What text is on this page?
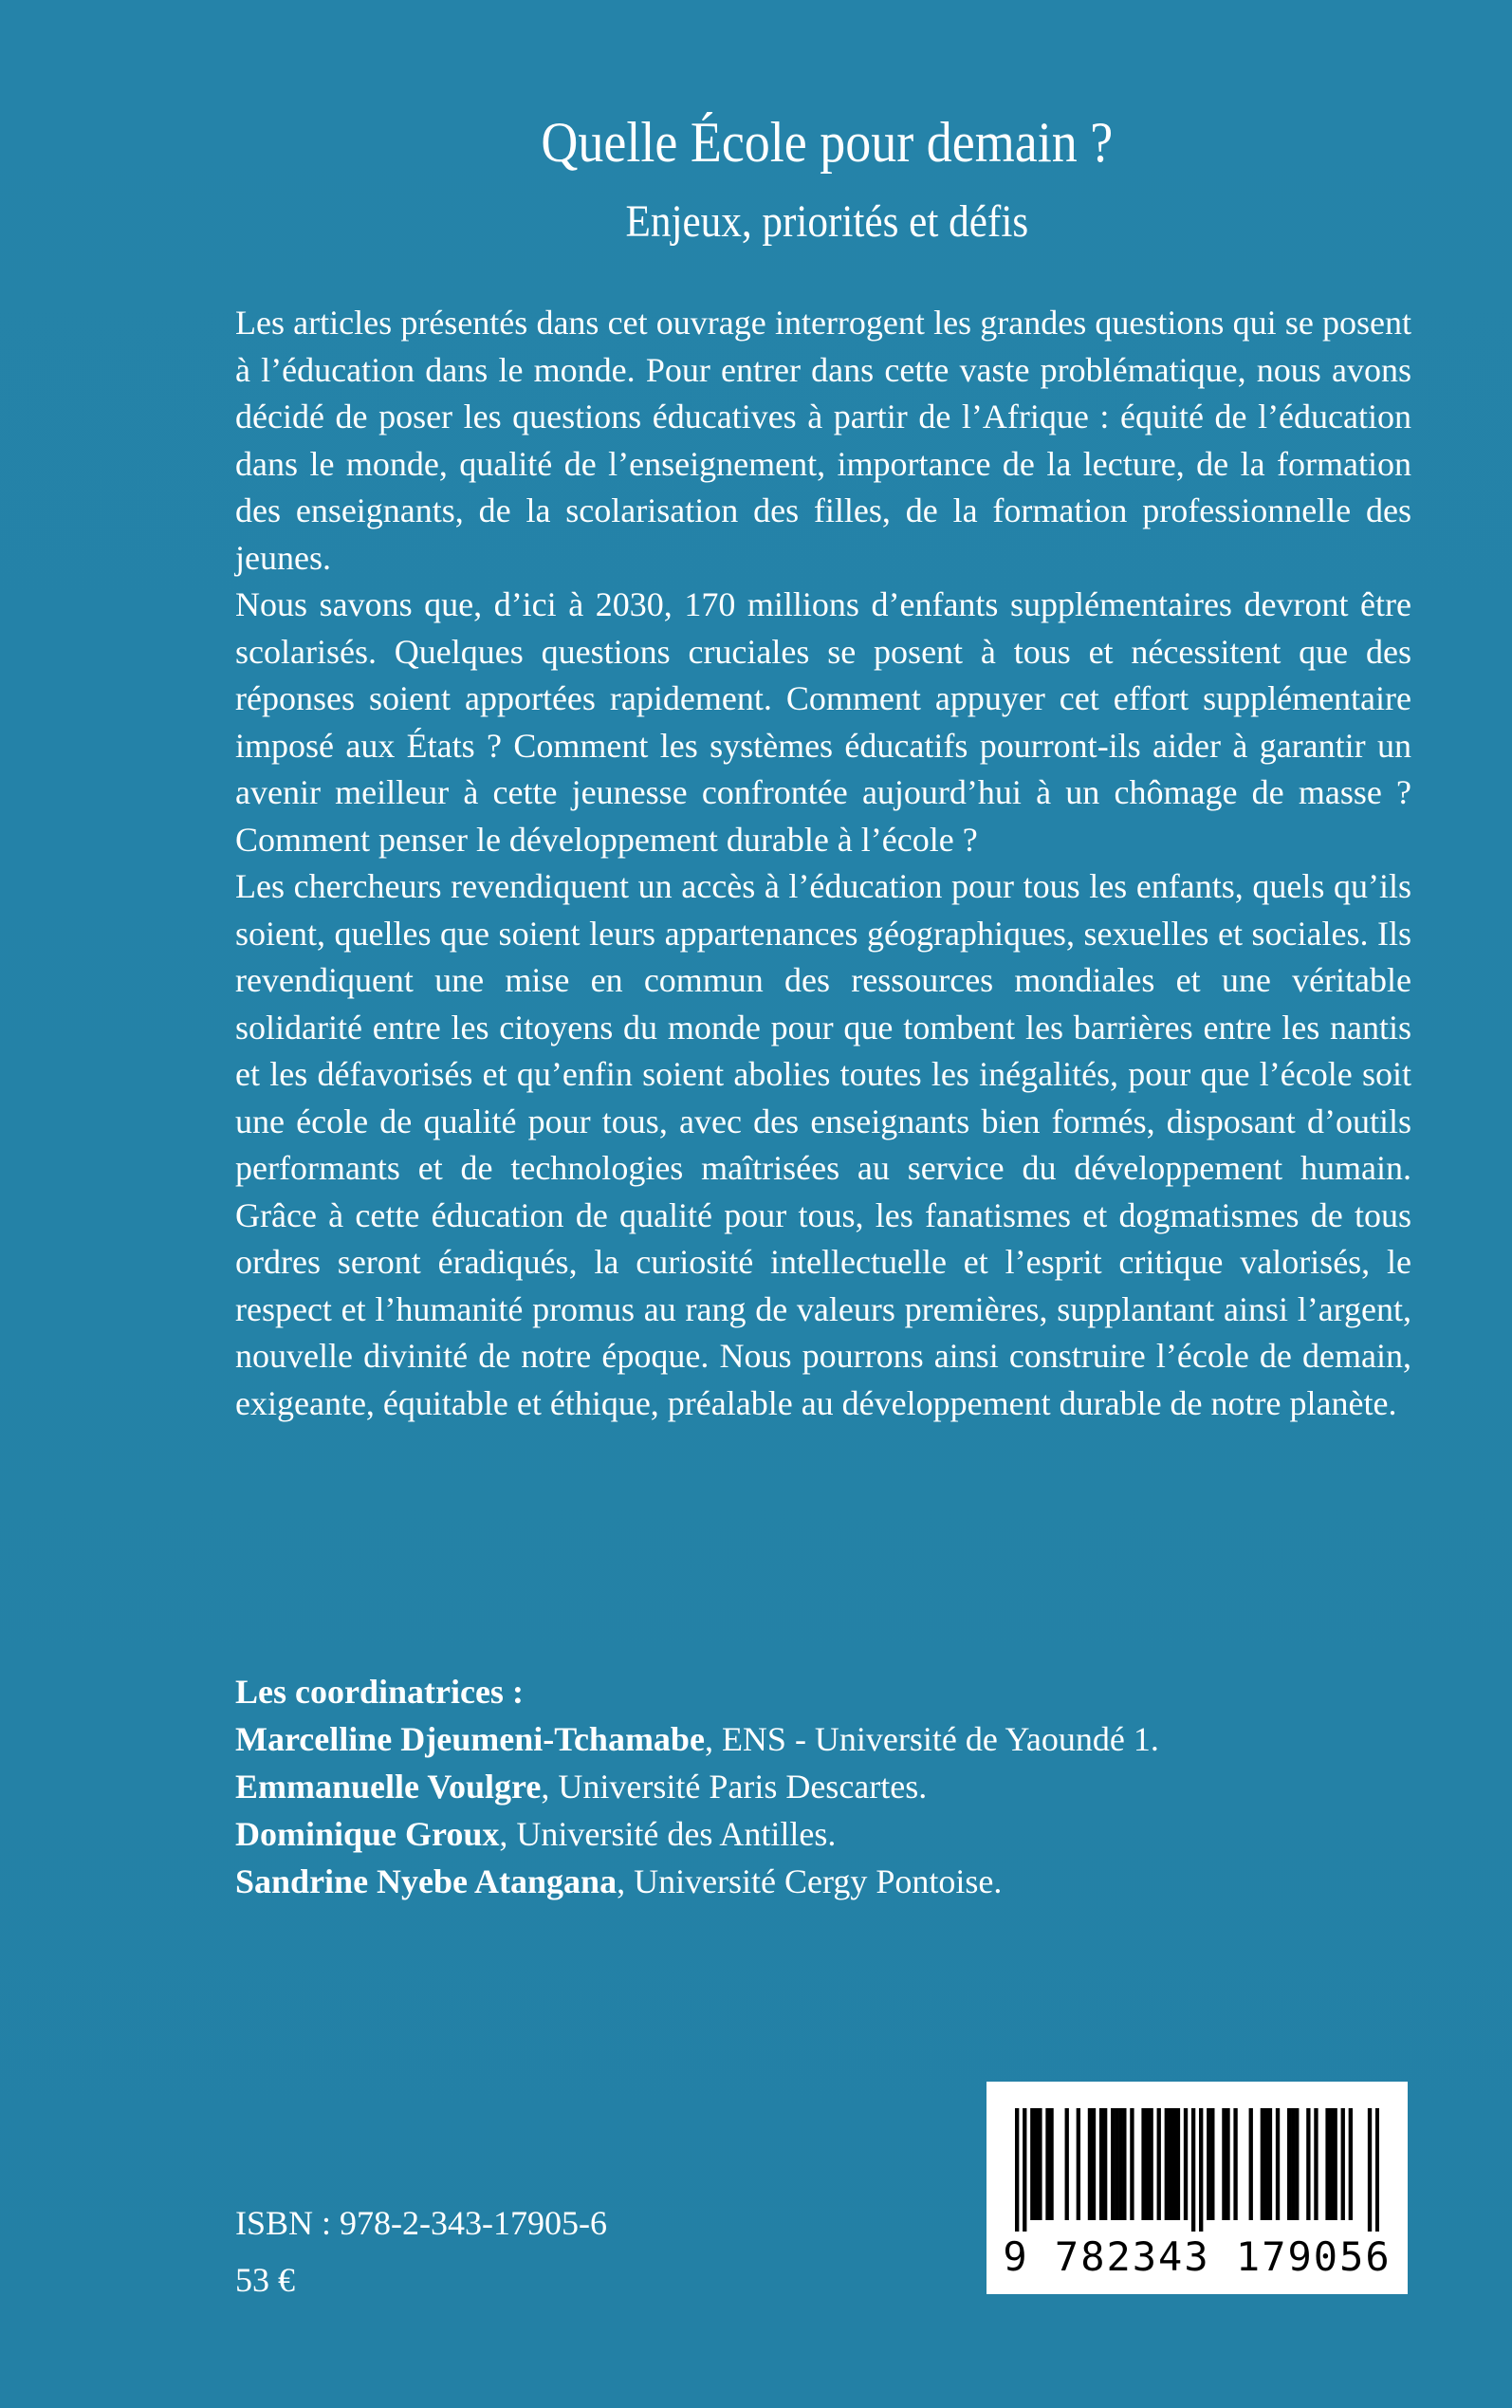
Quelle École pour demain ?
Enjeux, priorités et défis

Les articles présentés dans cet ouvrage interrogent les grandes questions qui se posent à l’éducation dans le monde. Pour entrer dans cette vaste problématique, nous avons décidé de poser les questions éducatives à partir de l’Afrique : équité de l’éducation dans le monde, qualité de l’enseignement, importance de la lecture, de la formation des enseignants, de la scolarisation des filles, de la formation professionnelle des jeunes.

Nous savons que, d’ici à 2030, 170 millions d’enfants supplémentaires devront être scolarisés. Quelques questions cruciales se posent à tous et nécessitent que des réponses soient apportées rapidement. Comment appuyer cet effort supplémentaire imposé aux États ? Comment les systèmes éducatifs pourront-ils aider à garantir un avenir meilleur à cette jeunesse confrontée aujourd’hui à un chômage de masse ? Comment penser le développement durable à l’école ?

Les chercheurs revendiquent un accès à l’éducation pour tous les enfants, quels qu’ils soient, quelles que soient leurs appartenances géographiques, sexuelles et sociales. Ils revendiquent une mise en commun des ressources mondiales et une véritable solidarité entre les citoyens du monde pour que tombent les barrières entre les nantis et les défavorisés et qu’enfin soient abolies toutes les inégalités, pour que l’école soit une école de qualité pour tous, avec des enseignants bien formés, disposant d’outils performants et de technologies maîtrisées au service du développement humain. Grâce à cette éducation de qualité pour tous, les fanatismes et dogmatismes de tous ordres seront éradiqués, la curiosité intellectuelle et l’esprit critique valorisés, le respect et l’humanité promus au rang de valeurs premières, supplantant ainsi l’argent, nouvelle divinité de notre époque. Nous pourrons ainsi construire l’école de demain, exigeante, équitable et éthique, préalable au développement durable de notre planète.

Les coordinatrices :
Marcelline Djeumeni-Tchamabe, ENS - Université de Yaoundé 1.
Emmanuelle Voulgre, Université Paris Descartes.
Dominique Groux, Université des Antilles.
Sandrine Nyebe Atangana, Université Cergy Pontoise.
ISBN : 978-2-343-17905-6
53 €	9 782343 179056
